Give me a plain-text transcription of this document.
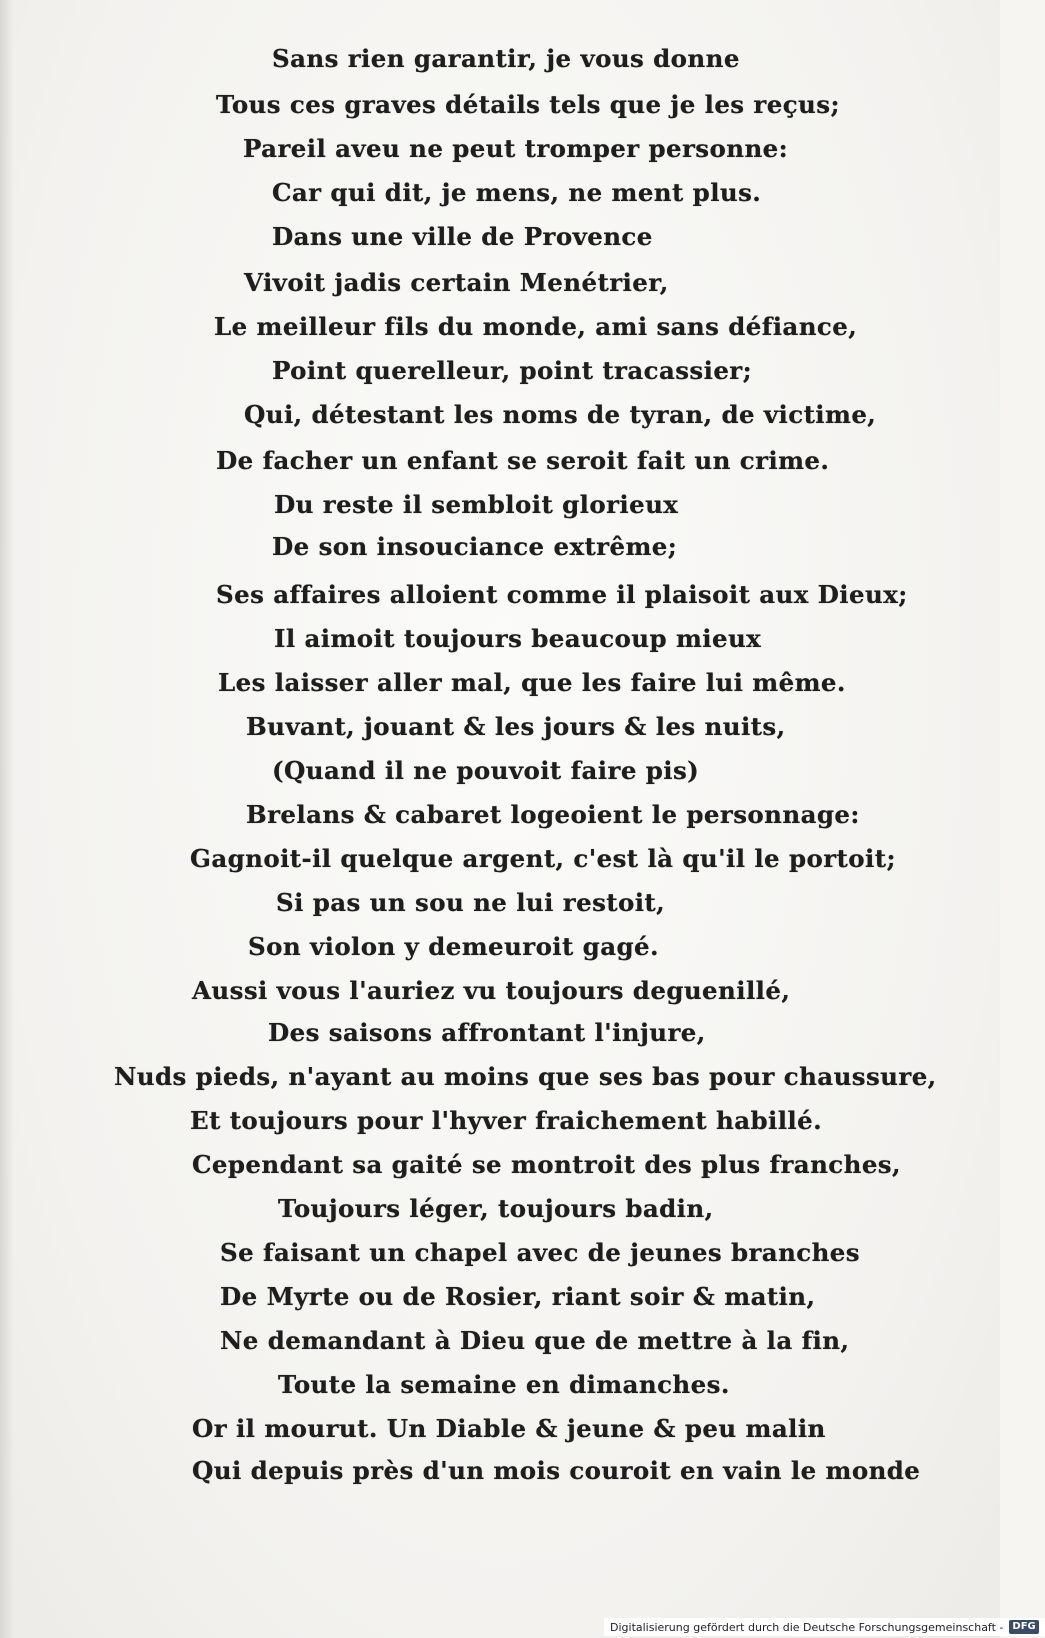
Sans rien garantir, je vous donne
Tous ces graves détails tels que je les reçus;
Pareil aveu ne peut tromper personne:
Car qui dit, je mens, ne ment plus.
Dans une ville de Provence
Vivoit jadis certain Menétrier,
Le meilleur fils du monde, ami sans défiance,
Point querelleur, point tracassier;
Qui, détestant les noms de tyran, de victime,
De facher un enfant se seroit fait un crime.
Du reste il sembloit glorieux
De son insouciance extrême;
Ses affaires alloient comme il plaisoit aux Dieux;
Il aimoit toujours beaucoup mieux
Les laisser aller mal, que les faire lui même.
Buvant, jouant & les jours & les nuits,
(Quand il ne pouvoit faire pis)
Brelans & cabaret logeoient le personnage:
Gagnoit-il quelque argent, c'est là qu'il le portoit;
Si pas un sou ne lui restoit,
Son violon y demeuroit gagé.
Aussi vous l'auriez vu toujours deguenillé,
Des saisons affrontant l'injure,
Nuds pieds, n'ayant au moins que ses bas pour chaussure,
Et toujours pour l'hyver fraichement habillé.
Cependant sa gaité se montroit des plus franches,
Toujours léger, toujours badin,
Se faisant un chapel avec de jeunes branches
De Myrte ou de Rosier, riant soir & matin,
Ne demandant à Dieu que de mettre à la fin,
Toute la semaine en dimanches.
Or il mourut. Un Diable & jeune & peu malin
Qui depuis près d'un mois couroit en vain le monde
Digitalisierung gefördert durch die Deutsche Forschungsgemeinschaft - DFG
